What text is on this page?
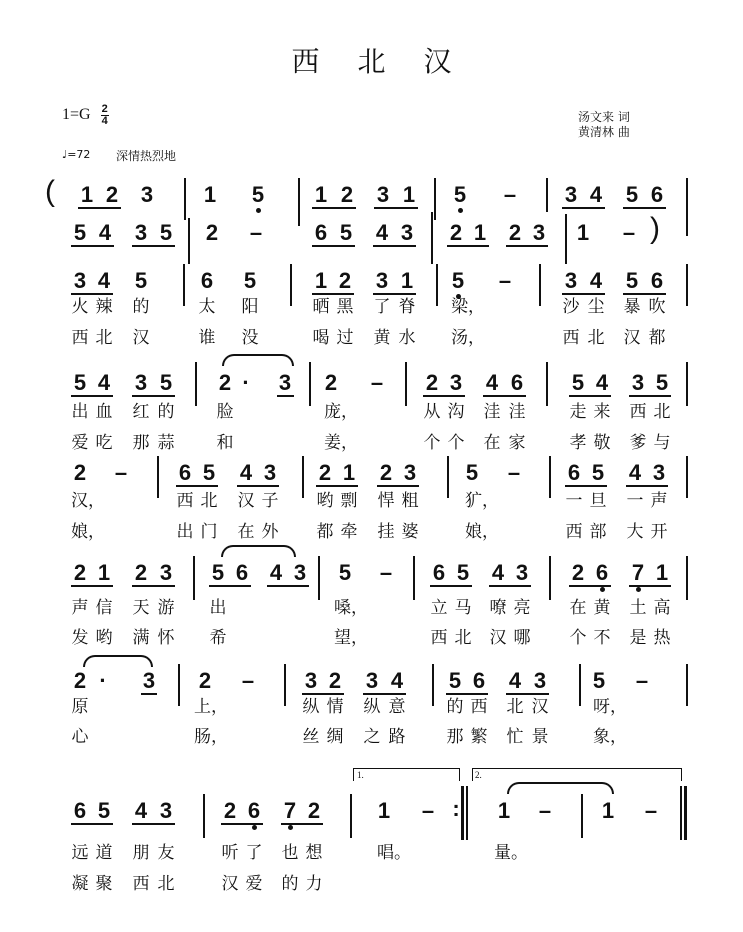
西北汉
$1=G \frac{2}{4}$
♩=72 深情热烈地
汤文来 词
黄清林 曲
( 1 2 3 1 5 1 2 3 1 5 – 3 4 5 6
5 4 3 5 2 – 6 5 4 3 2 1 2 3 1 – )
3 4 5 6 5	1 2 3 1 5 – 3 4 5 6
火 辣 的	太 阳	晒 黑 了 脊 梁，	沙 尘 暴 吹
西 北 汉	谁 没	喝 过 黄 水 汤，	西 北 汉 都
5 4 3 5 2 · 3 2 – 2 3 4 6 5 4 3 5
出 血 红 的 脸	庞，	从 沟 洼 洼	走 来 西 北
爱 吃 那 蒜 和	姜，	个 个 在 家	孝 敬 爹 与
2 – 6 5 4 3 2 1 2 3 5 – 6 5 4 3
汉，	西 北 汉 子 哟 剽 悍 粗	犷，	一 旦 一 声
娘，	出 门 在 外 都 牵 挂 婆	娘，	西 部 大 开
2 1 2 3 5 6 4 3 5 – 6 5 4 3 2 6 7 1
声 信 天 游 出	嗓，	立 马 嘹 亮 在 黄 土 高
发 哟 满 怀 希	望，	西 北 汉 哪 个 不 是 热
2 · 3 2 – 3 2 3 4 5 6 4 3 5 –
原	上，	纵 情 纵 意 的 西 北 汉	呀，
心	肠，	丝 绸 之 路 那 繁 忙 景	象，
6 5 4 3 2 6 7 2	1 –	1 – 1 –
:
1.	2.
远 道 朋 友	听 了 也 想	唱。	量。
凝 聚 西 北	汉 爱 的 力
